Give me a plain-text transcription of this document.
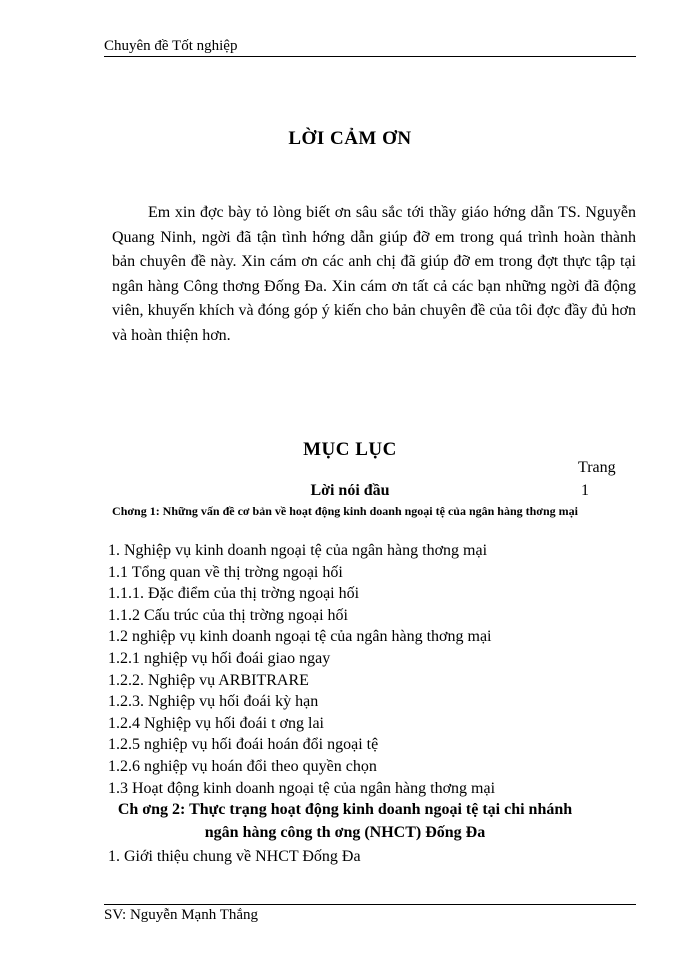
Chuyên đề Tốt nghiệp
LỜI CẢM ƠN
Em xin đợc bày tỏ lòng biết ơn sâu sắc tới thầy giáo hớng dẫn TS. Nguyễn Quang Ninh, ngời đã tận tình hớng dẫn giúp đỡ em trong quá trình hoàn thành bản chuyên đề này. Xin cám ơn các anh chị đã giúp đỡ em trong đợt thực tập tại ngân hàng Công thơng Đống Đa. Xin cám ơn tất cả các bạn những ngời đã động viên, khuyến khích và đóng góp ý kiến cho bản chuyên đề của tôi đợc đầy đủ hơn và hoàn thiện hơn.
MỤC LỤC
Trang
Lời nói đầu	1
Chơng 1: Những vấn đề cơ bản về hoạt động kinh doanh ngoại tệ của ngân hàng thơng mại
1. Nghiệp vụ kinh doanh ngoại tệ của ngân hàng thơng mại
1.1 Tổng quan về thị trờng ngoại hối
1.1.1. Đặc điểm của thị trờng ngoại hối
1.1.2 Cấu trúc của thị trờng ngoại hối
1.2 nghiệp vụ kinh doanh ngoại tệ của ngân hàng thơng mại
1.2.1 nghiệp vụ hối đoái giao ngay
1.2.2. Nghiệp vụ ARBITRARE
1.2.3. Nghiệp vụ hối đoái kỳ hạn
1.2.4 Nghiệp vụ hối đoái t ơng lai
1.2.5 nghiệp vụ hối đoái hoán đổi ngoại tệ
1.2.6 nghiệp vụ hoán đổi theo quyền chọn
1.3 Hoạt động kinh doanh ngoại tệ của ngân hàng thơng mại
Ch ơng 2: Thực trạng hoạt động kinh doanh ngoại tệ tại chi nhánh ngân hàng công th ơng (NHCT) Đống Đa
1. Giới thiệu chung về NHCT Đống Đa
SV: Nguyễn Mạnh Thắng
